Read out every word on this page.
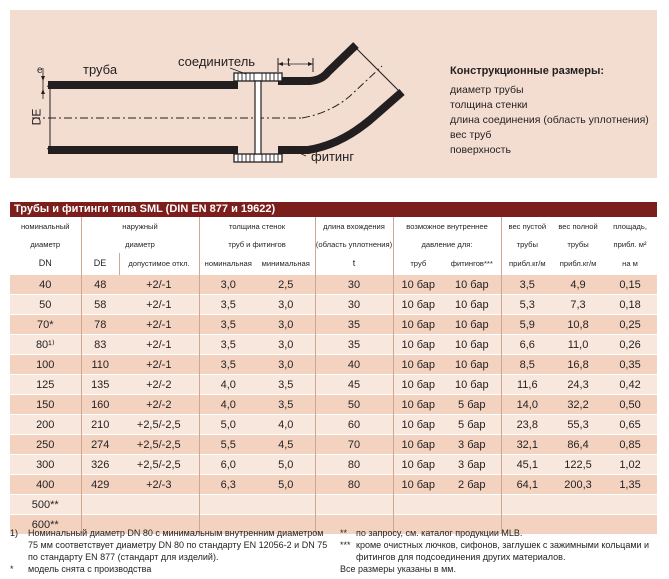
труба
соединитель	t
фитинг
e
DE
Конструкционные размеры:
диаметр трубы
толщина стенки
длина соединения (область уплотнения)
вес труб
поверхность
Трубы и фитинги типа SML (DIN EN 877 и 19622)
номинальный	наружный		толщина стенок		длина вхождения	возможное внутреннее		вес пустой	вес полной	площадь,
диаметр	диаметр		труб и фитингов		(область уплотнения)	давление для:		трубы	трубы	прибл. м²
DN	DE	допустимое откл.	номинальная	минимальная	t	труб	фитингов***	прибл.кг/м	прибл.кг/м	на м
40	48	+2/-1	3,0	2,5	30	10 бар	10 бар	3,5	4,9	0,15
50	58	+2/-1	3,5	3,0	30	10 бар	10 бар	5,3	7,3	0,18
70*	78	+2/-1	3,5	3,0	35	10 бар	10 бар	5,9	10,8	0,25
80¹⁾	83	+2/-1	3,5	3,0	35	10 бар	10 бар	6,6	11,0	0,26
100	110	+2/-1	3,5	3,0	40	10 бар	10 бар	8,5	16,8	0,35
125	135	+2/-2	4,0	3,5	45	10 бар	10 бар	11,6	24,3	0,42
150	160	+2/-2	4,0	3,5	50	10 бар	5 бар	14,0	32,2	0,50
200	210	+2,5/-2,5	5,0	4,0	60	10 бар	5 бар	23,8	55,3	0,65
250	274	+2,5/-2,5	5,5	4,5	70	10 бар	3 бар	32,1	86,4	0,85
300	326	+2,5/-2,5	6,0	5,0	80	10 бар	3 бар	45,1	122,5	1,02
400	429	+2/-3	6,3	5,0	80	10 бар	2 бар	64,1	200,3	1,35
500**										
600**										
1)	Номинальный диаметр DN 80 с минимальным внутренним диаметром 75 мм соответствует диаметру DN 80 по стандарту EN 12056-2 и DN 75 по стандарту EN 877 (стандарт для изделий).
*	модель снята с производства
** по запросу, см. каталог продукции MLB.
*** кроме очистных лючков, сифонов, заглушек с зажимными кольцами и фитингов для подсоединения других материалов.
Все размеры указаны в мм.
